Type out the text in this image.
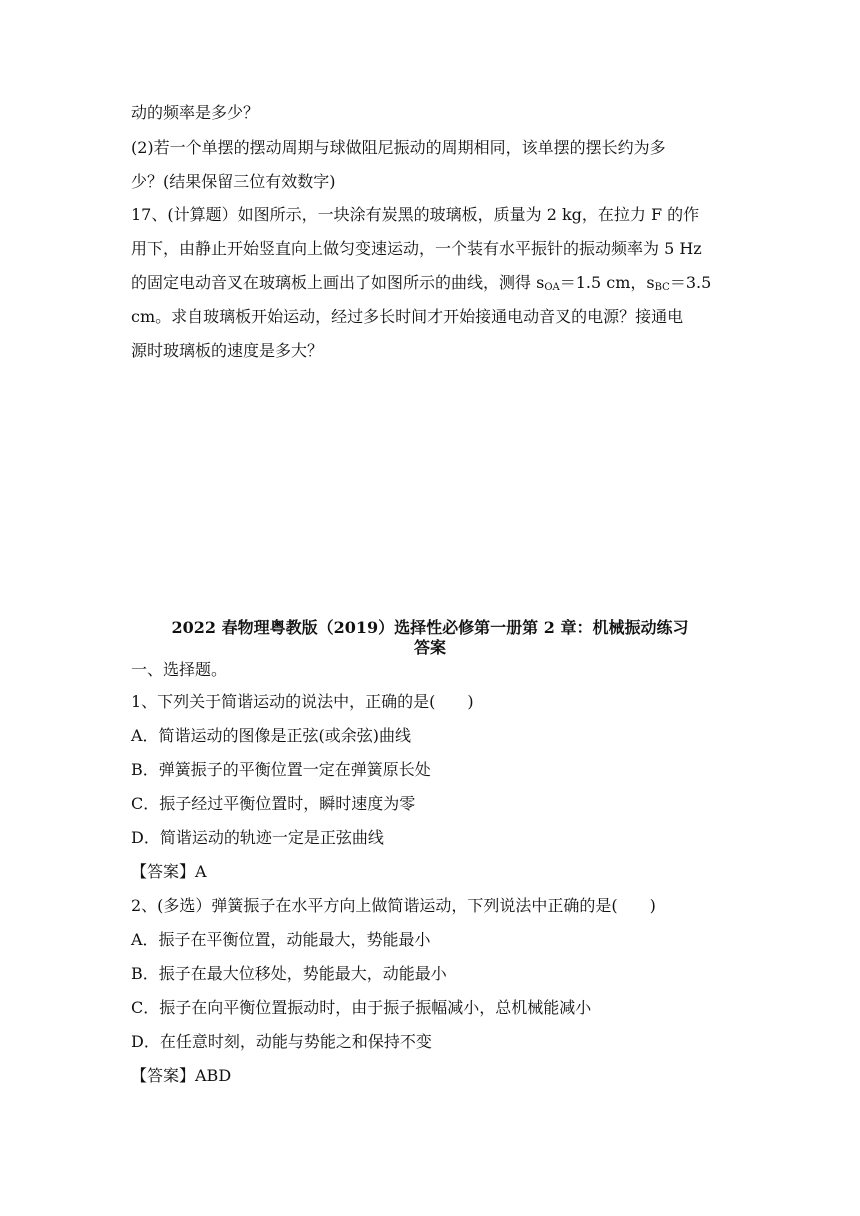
动的频率是多少？

(2)若一个单摆的摆动周期与球做阻尼振动的周期相同，该单摆的摆长约为多

少？(结果保留三位有效数字)

17、(计算题）如图所示，一块涂有炭黑的玻璃板，质量为 2 kg，在拉力 F 的作
用下，由静止开始竖直向上做匀变速运动，一个装有水平振针的振动频率为 5 Hz
的固定电动音叉在玻璃板上画出了如图所示的曲线，测得 $s_{OA}=1.5$ cm，$s_{BC}=3.5$
cm。求自玻璃板开始运动，经过多长时间才开始接通电动音叉的电源？接通电
源时玻璃板的速度是多大？

2022 春物理粤教版（2019）选择性必修第一册第 2 章：机械振动练习

答案

一、选择题。

1、下列关于简谐运动的说法中，正确的是(　　)

A．简谐运动的图像是正弦(或余弦)曲线

B．弹簧振子的平衡位置一定在弹簧原长处

C．振子经过平衡位置时，瞬时速度为零

D．简谐运动的轨迹一定是正弦曲线

【答案】A

2、(多选）弹簧振子在水平方向上做简谐运动，下列说法中正确的是(　　)

A．振子在平衡位置，动能最大，势能最小

B．振子在最大位移处，势能最大，动能最小

C．振子在向平衡位置振动时，由于振子振幅减小，总机械能减小

D．在任意时刻，动能与势能之和保持不变

【答案】ABD
